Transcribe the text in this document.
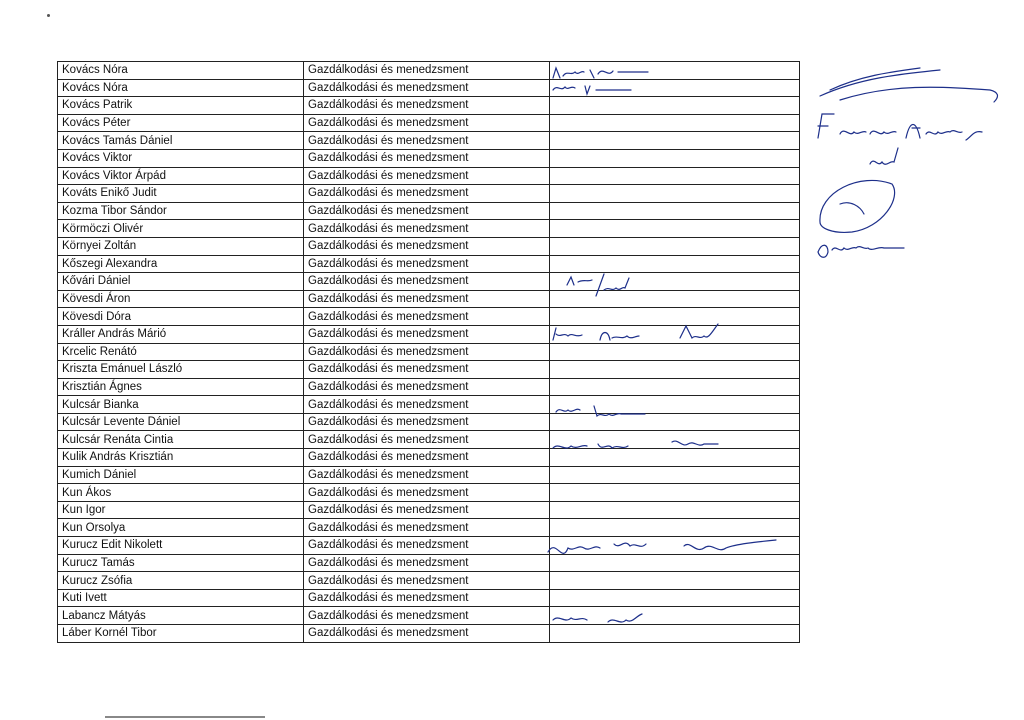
Kovács Nóra	Gazdálkodási és menedzsment	
Kovács Nóra	Gazdálkodási és menedzsment	
Kovács Patrik	Gazdálkodási és menedzsment	
Kovács Péter	Gazdálkodási és menedzsment	
Kovács Tamás Dániel	Gazdálkodási és menedzsment	
Kovács Viktor	Gazdálkodási és menedzsment	
Kovács Viktor Árpád	Gazdálkodási és menedzsment	
Kováts Enikő Judit	Gazdálkodási és menedzsment	
Kozma Tibor Sándor	Gazdálkodási és menedzsment	
Körmöczi Olivér	Gazdálkodási és menedzsment	
Környei Zoltán	Gazdálkodási és menedzsment	
Kőszegi Alexandra	Gazdálkodási és menedzsment	
Kővári Dániel	Gazdálkodási és menedzsment	
Kövesdi Áron	Gazdálkodási és menedzsment	
Kövesdi Dóra	Gazdálkodási és menedzsment	
Králler András Márió	Gazdálkodási és menedzsment	
Krcelic Renátó	Gazdálkodási és menedzsment	
Kriszta Emánuel László	Gazdálkodási és menedzsment	
Krisztián Ágnes	Gazdálkodási és menedzsment	
Kulcsár Bianka	Gazdálkodási és menedzsment	
Kulcsár Levente Dániel	Gazdálkodási és menedzsment	
Kulcsár Renáta Cintia	Gazdálkodási és menedzsment	
Kulik András Krisztián	Gazdálkodási és menedzsment	
Kumich Dániel	Gazdálkodási és menedzsment	
Kun Ákos	Gazdálkodási és menedzsment	
Kun Igor	Gazdálkodási és menedzsment	
Kun Orsolya	Gazdálkodási és menedzsment	
Kurucz Edit Nikolett	Gazdálkodási és menedzsment	
Kurucz Tamás	Gazdálkodási és menedzsment	
Kurucz Zsófia	Gazdálkodási és menedzsment	
Kuti Ivett	Gazdálkodási és menedzsment	
Labancz Mátyás	Gazdálkodási és menedzsment	
Láber Kornél Tibor	Gazdálkodási és menedzsment	
